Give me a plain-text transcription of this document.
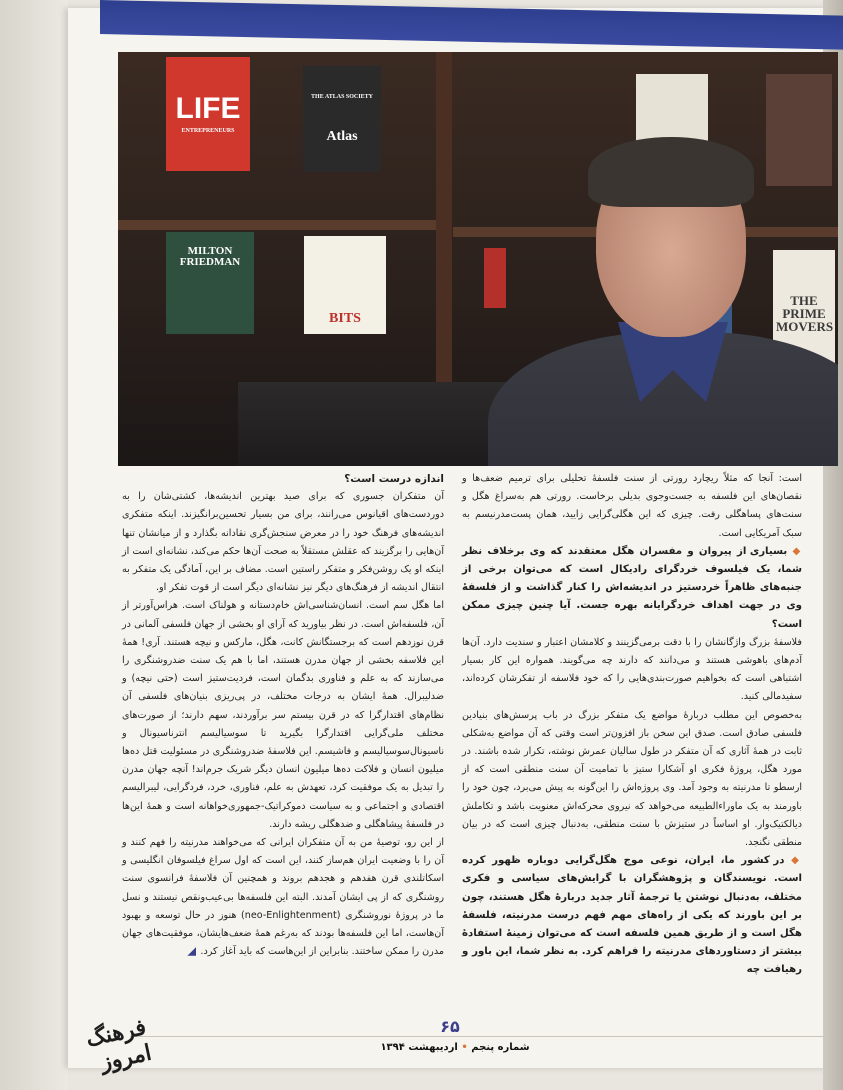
LIFE
ENTREPRENEURS
THE ATLAS SOCIETY
Atlas
MILTON FRIEDMAN
BITS
THE PRIME MOVERS

است: آنجا که مثلاً ریچارد رورتی از سنت فلسفهٔ تحلیلی برای ترمیم ضعف‌ها و نقصان‌های این فلسفه به جست‌وجوی بدیلی برخاست. رورتی هم به‌سراغ هگل و سنت‌های پساهگلی رفت. چیزی که این هگلی‌گرایی زایید، همان پست‌مدرنیسم به سبک آمریکایی است.

◆ بسیاری از پیروان و مفسران هگل معتقدند که وی برخلاف نظر شما، یک فیلسوف خردگرای رادیکال است که می‌توان برخی از جنبه‌های ظاهراً خردستیز در اندیشه‌اش را کنار گذاشت و از فلسفهٔ وی در جهت اهداف خردگرایانه بهره جست. آیا چنین چیزی ممکن است؟

فلاسفهٔ بزرگ واژگانشان را با دقت برمی‌گزینند و کلامشان اعتبار و سندیت دارد. آن‌ها آدم‌های باهوشی هستند و می‌دانند که دارند چه می‌گویند. همواره این کار بسیار اشتباهی است که بخواهیم صورت‌بندی‌هایی را که خود فلاسفه از تفکرشان کرده‌اند، سفیدمالی کنید.

به‌خصوص این مطلب دربارهٔ مواضع یک متفکر بزرگ در باب پرسش‌های بنیادین فلسفی صادق است. صدق این سخن باز افزون‌تر است وقتی که آن مواضع به‌شکلی ثابت در همهٔ آثاری که آن متفکر در طول سالیان عمرش نوشته، تکرار شده باشند. در مورد هگل، پروژهٔ فکری او آشکارا ستیز با تمامیت آن سنت منطقی است که از ارسطو تا مدرنیته به وجود آمد. وی پروژه‌اش را این‌گونه به پیش می‌برد، چون خود را باورمند به یک ماوراءالطبیعه می‌خواهد که نیروی محرکه‌اش معنویت باشد و تکاملش دیالکتیک‌وار. او اساساً در ستیزش با سنت منطقی، به‌دنبال چیزی است که در بیان منطقی نگنجد.

◆ در کشور ما، ایران، نوعی موج هگل‌گرایی دوباره ظهور کرده است. نویسندگان و پژوهشگران با گرایش‌های سیاسی و فکری مختلف، به‌دنبال نوشتن یا ترجمهٔ آثار جدید دربارهٔ هگل هستند، چون بر این باورند که یکی از راه‌های مهم فهم درست مدرنیته، فلسفهٔ هگل است و از طریق همین فلسفه است که می‌توان زمینهٔ استفادهٔ بیشتر از دستاوردهای مدرنیته را فراهم کرد. به نظر شما، این باور و رهیافت چه

اندازه درست است؟

آن متفکران جسوری که برای صید بهترین اندیشه‌ها، کشتی‌شان را به دوردست‌های اقیانوس می‌رانند، برای من بسیار تحسین‌برانگیزند. اینکه متفکری اندیشه‌های فرهنگ خود را در معرض سنجش‌گری نقادانه بگذارد و از میانشان تنها آن‌هایی را برگزیند که عقلش مستقلاً به صحت آن‌ها حکم می‌کند، نشانه‌ای است از اینکه او یک روشن‌فکر و متفکر راستین است. مضاف بر این، آمادگی یک متفکر به انتقال اندیشه از فرهنگ‌های دیگر نیز نشانه‌ای دیگر است از قوت تفکر او.

اما هگل سم است. انسان‌شناسی‌اش خام‌دستانه و هولناک است. هراس‌آورتر از آن، فلسفه‌اش است. در نظر بیاورید که آرای او بخشی از جهان فلسفی آلمانی در قرن نوزدهم است که برجستگانش کانت، هگل، مارکس و نیچه هستند. آری! همهٔ این فلاسفه بخشی از جهان مدرن هستند، اما با هم یک سنت ضدروشنگری را می‌سازند که به علم و فناوری بدگمان است، فردیت‌ستیز است (حتی نیچه) و ضدلیبرال. همهٔ ایشان به درجات مختلف، در پی‌ریزی بنیان‌های فلسفی آن نظام‌های اقتدارگرا که در قرن بیستم سر برآوردند، سهم دارند؛ از صورت‌های مختلف ملی‌گرایی اقتدارگرا بگیرید تا سوسیالیسم انترناسیونال و ناسیونال‌سوسیالیسم و فاشیسم. این فلاسفهٔ ضدروشنگری در مسئولیت قتل ده‌ها میلیون انسان و فلاکت ده‌ها میلیون انسان دیگر شریک جرم‌اند! آنچه جهان مدرن را تبدیل به یک موفقیت کرد، تعهدش به علم، فناوری، خرد، فردگرایی، لیبرالیسم اقتصادی و اجتماعی و به سیاست دموکراتیک-جمهوری‌خواهانه است و همهٔ این‌ها در فلسفهٔ پیشاهگلی و ضدهگلی ریشه دارند.

از این رو، توصیهٔ من به آن متفکران ایرانی که می‌خواهند مدرنیته را فهم کنند و آن را با وضعیت ایران هم‌ساز کنند، این است که اول سراغ فیلسوفان انگلیسی و اسکاتلندی قرن هفدهم و هجدهم بروند و همچنین آن فلاسفهٔ فرانسوی سنت روشنگری که از پی ایشان آمدند. البته این فلسفه‌ها بی‌عیب‌ونقص نیستند و نسل ما در پروژهٔ نوروشنگری (neo-Enlightenment) هنوز در حال توسعه و بهبود آن‌هاست، اما این فلسفه‌ها بودند که به‌رغم همهٔ ضعف‌هایشان، موفقیت‌های جهان مدرن را ممکن ساختند. بنابراین از این‌هاست که باید آغاز کرد.

۶۵
شماره پنجم • اردیبهشت ۱۳۹۴
فرهنگ امروز
